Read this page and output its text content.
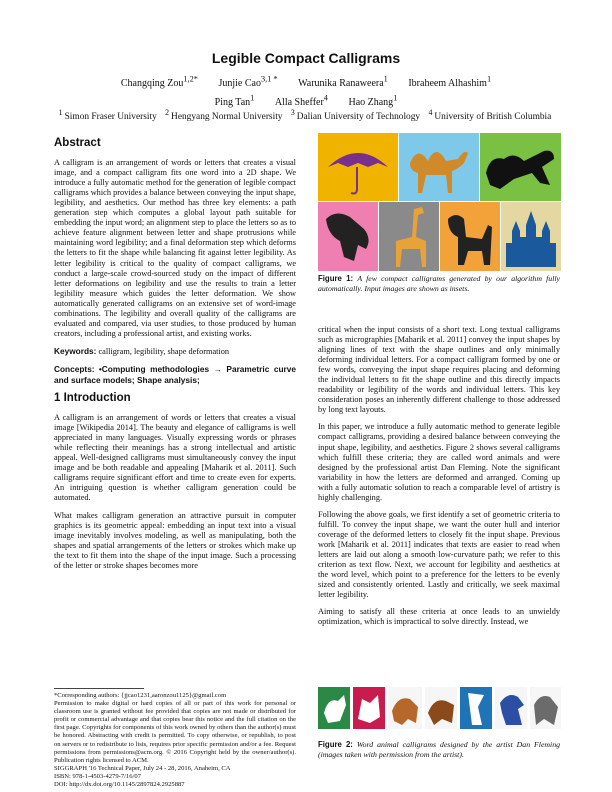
Legible Compact Calligrams
Changqing Zou$^{1,2*}$ Junjie Cao$^{3,1 *}$ Warunika Ranaweera$^1$ Ibraheem Alhashim$^1$
Ping Tan$^1$ Alla Sheffer$^4$ Hao Zhang$^1$
$^1$ Simon Fraser University $^2$ Hengyang Normal University $^3$ Dalian University of Technology $^4$ University of British Columbia
Abstract

A calligram is an arrangement of words or letters that creates a visual image, and a compact calligram fits one word into a 2D shape. We introduce a fully automatic method for the generation of legible compact calligrams which provides a balance between conveying the input shape, legibility, and aesthetics. Our method has three key elements: a path generation step which computes a global layout path suitable for embedding the input word; an alignment step to place the letters so as to achieve feature alignment between letter and shape protrusions while maintaining word legibility; and a final deformation step which deforms the letters to fit the shape while balancing fit against letter legibility. As letter legibility is critical to the quality of compact calligrams, we conduct a large-scale crowd-sourced study on the impact of different letter deformations on legibility and use the results to train a letter legibility measure which guides the letter deformation. We show automatically generated calligrams on an extensive set of word-image combinations. The legibility and overall quality of the calligrams are evaluated and compared, via user studies, to those produced by human creators, including a professional artist, and existing works.

Keywords: calligram, legibility, shape deformation

Concepts: •Computing methodologies → Parametric curve and surface models; Shape analysis;

1 Introduction

A calligram is an arrangement of words or letters that creates a visual image [Wikipedia 2014]. The beauty and elegance of calligrams is well appreciated in many languages. Visually expressing words or phrases while reflecting their meanings has a strong intellectual and artistic appeal. Well-designed calligrams must simultaneously convey the input image and be both readable and appealing [Maharik et al. 2011]. Such calligrams require significant effort and time to create even for experts. An intriguing question is whether calligram generation could be automated.

What makes calligram generation an attractive pursuit in computer graphics is its geometric appeal: embedding an input text into a visual image inevitably involves modeling, as well as manipulating, both the shapes and spatial arrangements of the letters or strokes which make up the text to fit them into the shape of the input image. Such a processing of the letter or stroke shapes becomes more

*Corresponding authors: {jjcao1231,aaronzou1125}@gmail.com
Permission to make digital or hard copies of all or part of this work for personal or classroom use is granted without fee provided that copies are not made or distributed for profit or commercial advantage and that copies bear this notice and the full citation on the first page. Copyrights for components of this work owned by others than the author(s) must be honored. Abstracting with credit is permitted. To copy otherwise, or republish, to post on servers or to redistribute to lists, requires prior specific permission and/or a fee. Request permissions from permissions@acm.org. © 2016 Copyright held by the owner/author(s). Publication rights licensed to ACM.
SIGGRAPH '16 Technical Paper, July 24 - 28, 2016, Anaheim, CA
ISBN: 978-1-4503-4279-7/16/07
DOI: http://dx.doi.org/10.1145/2897824.2925887
Figure 1: A few compact calligrams generated by our algorithm fully automatically. Input images are shown as insets.

critical when the input consists of a short text. Long textual calligrams such as micrographies [Maharik et al. 2011] convey the input shapes by aligning lines of text with the shape outlines and only minimally deforming individual letters. For a compact calligram formed by one or few words, conveying the input shape requires placing and deforming the individual letters to fit the shape outline and this directly impacts readability or legibility of the words and individual letters. This key consideration poses an inherently different challenge to those addressed by long text layouts.

In this paper, we introduce a fully automatic method to generate legible compact calligrams, providing a desired balance between conveying the input shape, legibility, and aesthetics. Figure 2 shows several calligrams which fulfill these criteria; they are called word animals and were designed by the professional artist Dan Fleming. Note the significant variability in how the letters are deformed and arranged. Coming up with a fully automatic solution to reach a comparable level of artistry is highly challenging.

Following the above goals, we first identify a set of geometric criteria to fulfill. To convey the input shape, we want the outer hull and interior coverage of the deformed letters to closely fit the input shape. Previous work [Maharik et al. 2011] indicates that texts are easier to read when letters are laid out along a smooth low-curvature path; we refer to this criterion as text flow. Next, we account for legibility and aesthetics at the word level, which point to a preference for the letters to be evenly sized and consistently oriented. Lastly and critically, we seek maximal letter legibility.

Aiming to satisfy all these criteria at once leads to an unwieldy optimization, which is impractical to solve directly. Instead, we

Figure 2: Word animal calligrams designed by the artist Dan Fleming (images taken with permission from the artist).
